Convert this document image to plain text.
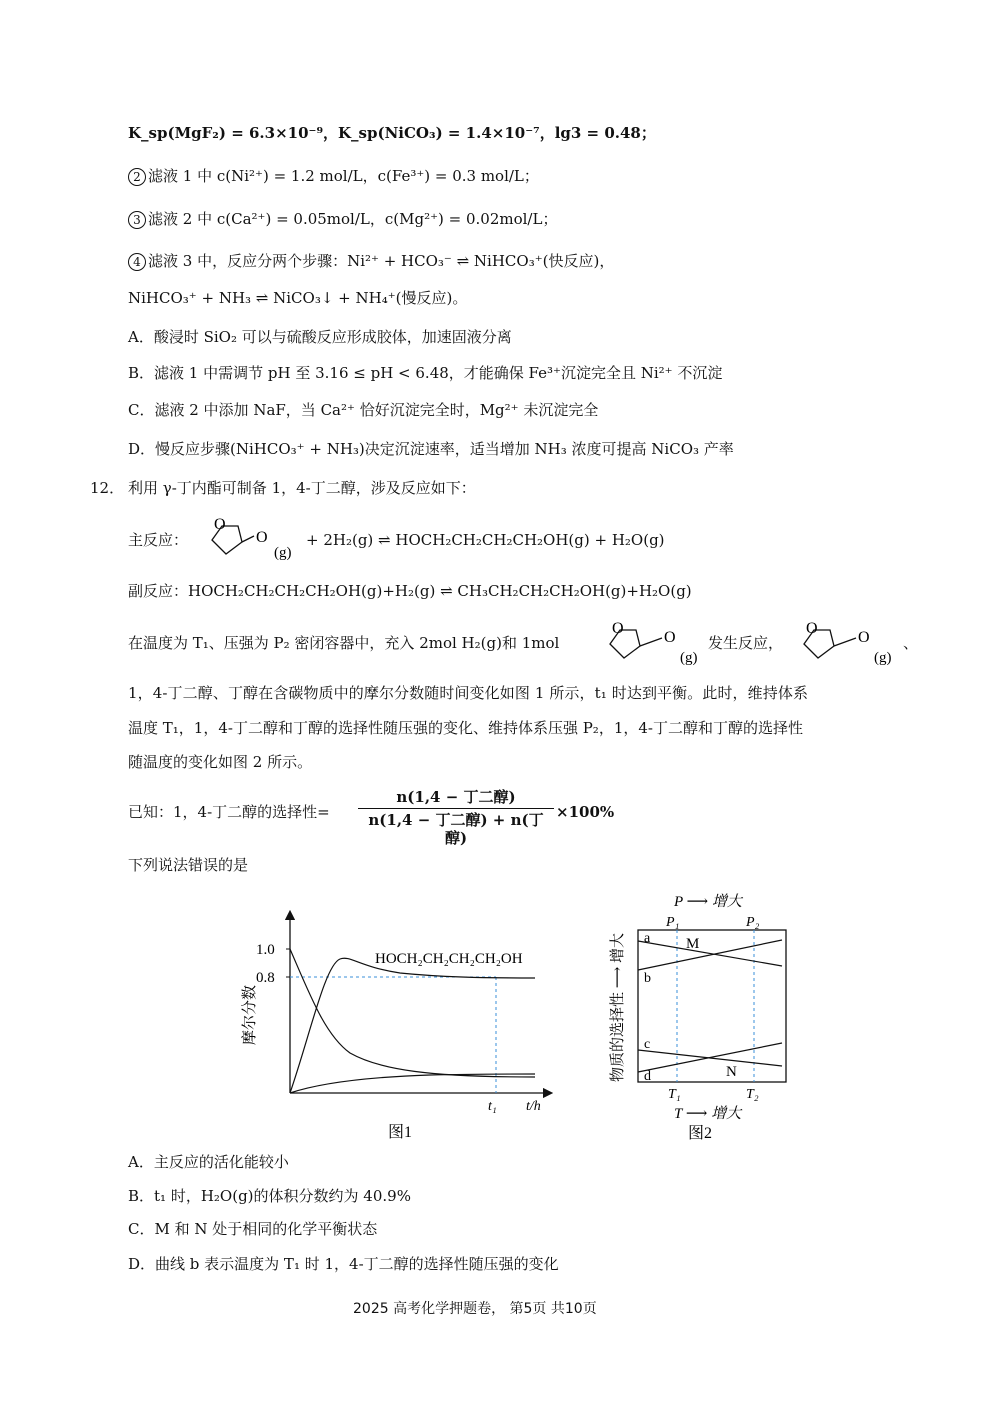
K_sp(MgF₂) = 6.3×10⁻⁹，K_sp(NiCO₃) = 1.4×10⁻⁷，lg3 = 0.48；
2 滤液 1 中 c(Ni²⁺) = 1.2 mol/L，c(Fe³⁺) = 0.3 mol/L；
3 滤液 2 中 c(Ca²⁺) = 0.05mol/L，c(Mg²⁺) = 0.02mol/L；
4 滤液 3 中，反应分两个步骤：Ni²⁺ + HCO₃⁻ ⇌ NiHCO₃⁺(快反应)，
NiHCO₃⁺ + NH₃ ⇌ NiCO₃↓ + NH₄⁺(慢反应)。
A．酸浸时 SiO₂ 可以与硫酸反应形成胶体，加速固液分离
B．滤液 1 中需调节 pH 至 3.16 ≤ pH < 6.48，才能确保 Fe³⁺沉淀完全且 Ni²⁺ 不沉淀
C．滤液 2 中添加 NaF，当 Ca²⁺ 恰好沉淀完全时，Mg²⁺ 未沉淀完全
D．慢反应步骤(NiHCO₃⁺ + NH₃)决定沉淀速率，适当增加 NH₃ 浓度可提高 NiCO₃ 产率
12． 利用 γ-丁内酯可制备 1，4-丁二醇，涉及反应如下：
主反应：
O
O
(g)
+ 2H₂(g) ⇌ HOCH₂CH₂CH₂CH₂OH(g) + H₂O(g)
副反应：HOCH₂CH₂CH₂CH₂OH(g)+H₂(g) ⇌ CH₃CH₂CH₂CH₂OH(g)+H₂O(g)
在温度为 T₁、压强为 P₂ 密闭容器中，充入 2mol H₂(g)和 1mol
O
O
(g)
发生反应，
O
O
(g)
、
1，4-丁二醇、丁醇在含碳物质中的摩尔分数随时间变化如图 1 所示，t₁ 时达到平衡。此时，维持体系
温度 T₁，1，4-丁二醇和丁醇的选择性随压强的变化、维持体系压强 P₂，1，4-丁二醇和丁醇的选择性
随温度的变化如图 2 所示。
已知：1，4-丁二醇的选择性=
n(1,4 − 丁二醇)
n(1,4 − 丁二醇) + n(丁醇)
×100%
下列说法错误的是
1.0
0.8
摩尔分数
HOCH₂CH₂CH₂CH₂OH
t₁ t/h
图1
P ⟶ 增大
P₁	P₂
物质的选择性 ⟶ 增大 a
b
c
d
M
N
T₁	T₂
T ⟶ 增大
图2
A．主反应的活化能较小
B．t₁ 时，H₂O(g)的体积分数约为 40.9%
C．M 和 N 处于相同的化学平衡状态
D．曲线 b 表示温度为 T₁ 时 1，4-丁二醇的选择性随压强的变化
2025 高考化学押题卷， 第5页 共10页
